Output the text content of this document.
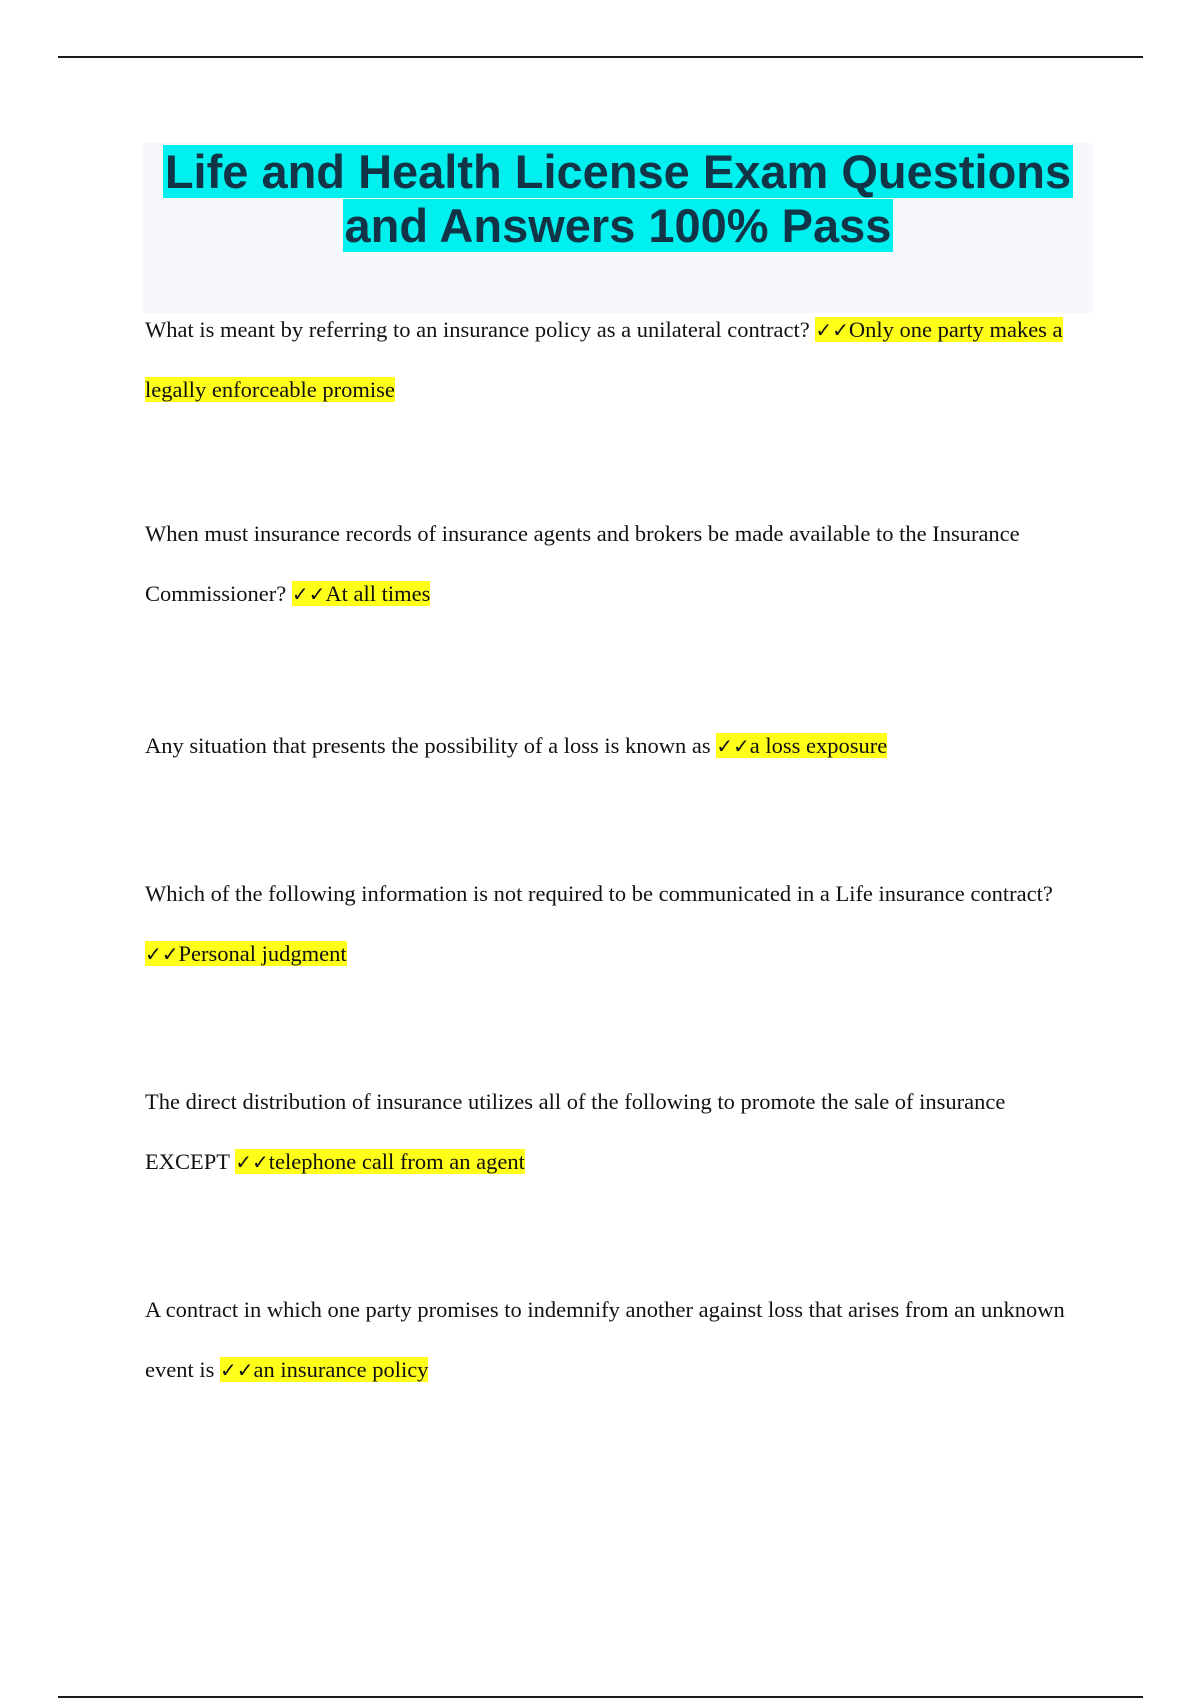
Life and Health License Exam Questions
and Answers 100% Pass

What is meant by referring to an insurance policy as a unilateral contract? ✓✓Only one party makes a legally enforceable promise

When must insurance records of insurance agents and brokers be made available to the Insurance Commissioner? ✓✓At all times

Any situation that presents the possibility of a loss is known as ✓✓a loss exposure

Which of the following information is not required to be communicated in a Life insurance contract? ✓✓Personal judgment

The direct distribution of insurance utilizes all of the following to promote the sale of insurance EXCEPT ✓✓telephone call from an agent

A contract in which one party promises to indemnify another against loss that arises from an unknown event is ✓✓an insurance policy
